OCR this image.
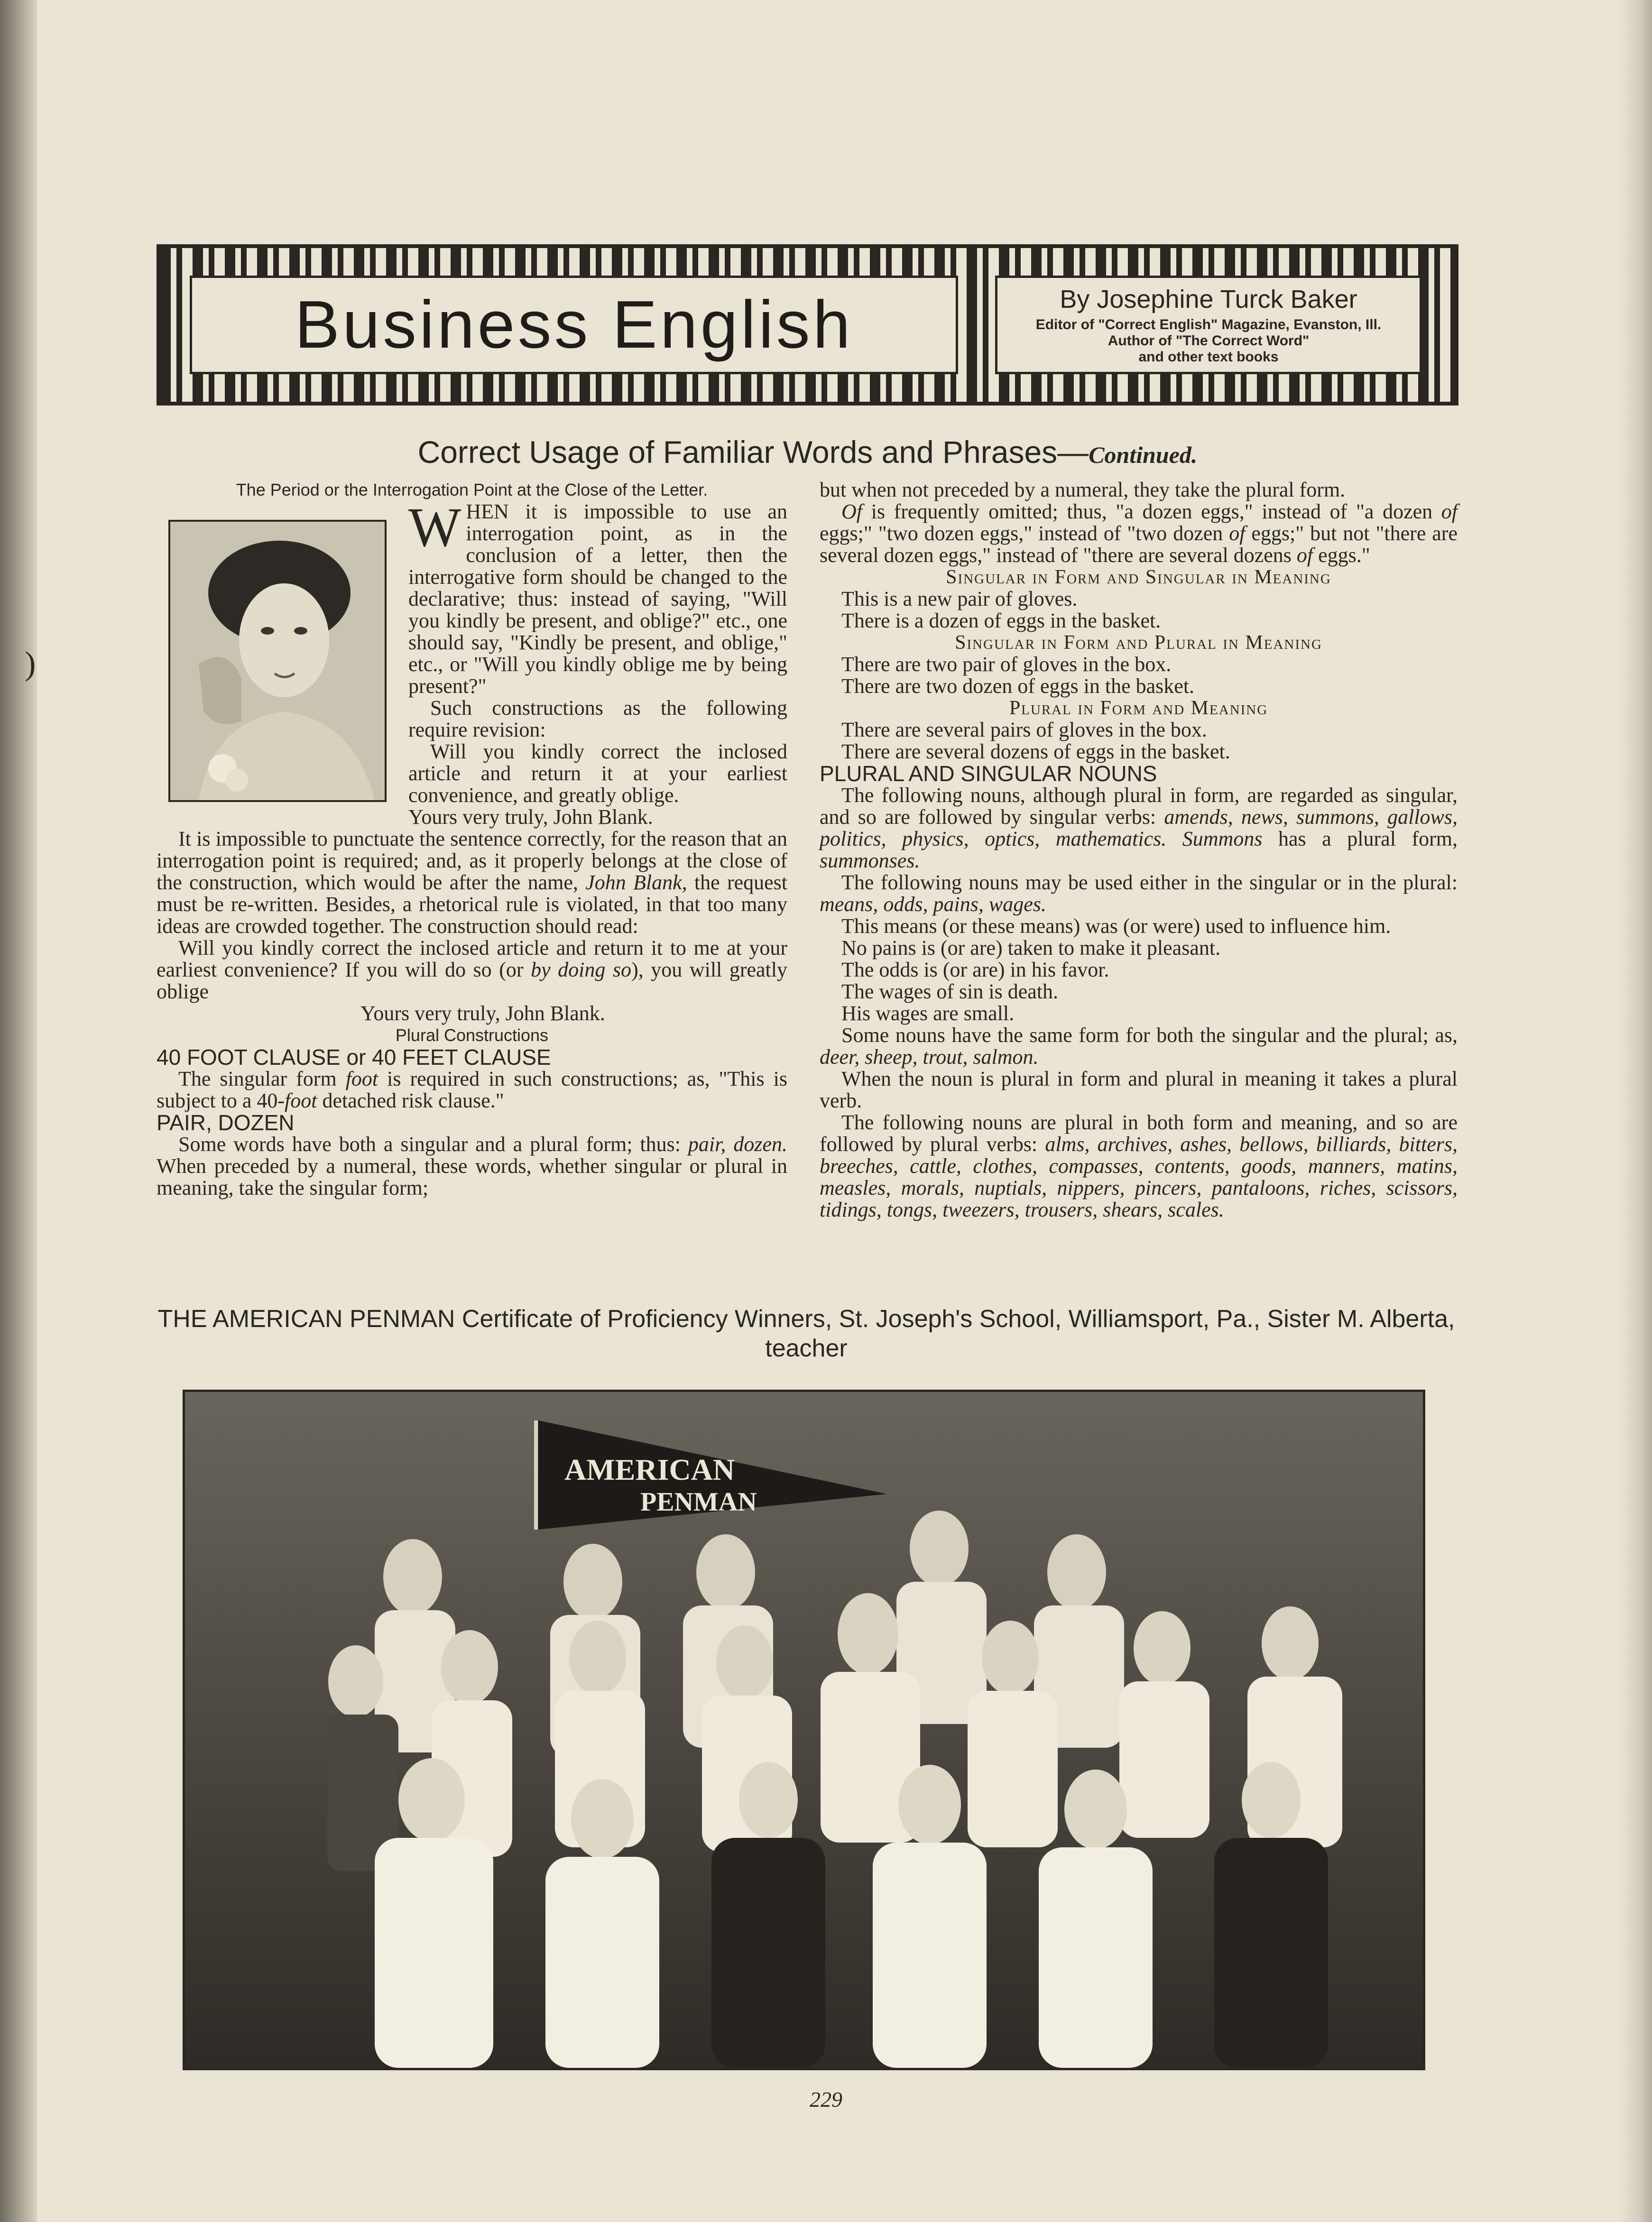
)
Business English	By Josephine Turck Baker
Editor of "Correct English" Magazine, Evanston, Ill.
Author of "The Correct Word"
and other text books
Correct Usage of Familiar Words and Phrases—Continued.

The Period or the Interrogation Point at the Close of the Letter.

WHEN it is impossible to use an interrogation point, as in the conclusion of a letter, then the interrogative form should be changed to the declarative; thus: instead of saying, "Will you kindly be present, and oblige?" etc., one should say, "Kindly be present, and oblige," etc., or "Will you kindly oblige me by being present?"

Such constructions as the following require revision:

Will you kindly correct the inclosed article and return it at your earliest convenience, and greatly oblige.

Yours very truly, John Blank.

It is impossible to punctuate the sentence correctly, for the reason that an interrogation point is required; and, as it properly belongs at the close of the construction, which would be after the name, John Blank, the request must be re-written. Besides, a rhetorical rule is violated, in that too many ideas are crowded together. The construction should read:

Will you kindly correct the inclosed article and return it to me at your earliest convenience? If you will do so (or by doing so), you will greatly oblige

Yours very truly, John Blank.

Plural Constructions

40 FOOT CLAUSE or 40 FEET CLAUSE

The singular form foot is required in such constructions; as, "This is subject to a 40-foot detached risk clause."

PAIR, DOZEN

Some words have both a singular and a plural form; thus: pair, dozen. When preceded by a numeral, these words, whether singular or plural in meaning, take the singular form;

but when not preceded by a numeral, they take the plural form.

Of is frequently omitted; thus, "a dozen eggs," instead of "a dozen of eggs;" "two dozen eggs," instead of "two dozen of eggs;" but not "there are several dozen eggs," instead of "there are several dozens of eggs."

Singular in Form and Singular in Meaning

This is a new pair of gloves.

There is a dozen of eggs in the basket.

Singular in Form and Plural in Meaning

There are two pair of gloves in the box.

There are two dozen of eggs in the basket.

Plural in Form and Meaning

There are several pairs of gloves in the box.

There are several dozens of eggs in the basket.

PLURAL AND SINGULAR NOUNS

The following nouns, although plural in form, are regarded as singular, and so are followed by singular verbs: amends, news, summons, gallows, politics, physics, optics, mathematics. Summons has a plural form, summonses.

The following nouns may be used either in the singular or in the plural: means, odds, pains, wages.

This means (or these means) was (or were) used to influence him.

No pains is (or are) taken to make it pleasant.

The odds is (or are) in his favor.

The wages of sin is death.

His wages are small.

Some nouns have the same form for both the singular and the plural; as, deer, sheep, trout, salmon.

When the noun is plural in form and plural in meaning it takes a plural verb.

The following nouns are plural in both form and meaning, and so are followed by plural verbs: alms, archives, ashes, bellows, billiards, bitters, breeches, cattle, clothes, compasses, contents, goods, manners, matins, measles, morals, nuptials, nippers, pincers, pantaloons, riches, scissors, tidings, tongs, tweezers, trousers, shears, scales.

THE AMERICAN PENMAN Certificate of Proficiency Winners, St. Joseph's School, Williamsport, Pa., Sister M. Alberta, teacher
AMERICAN
PENMAN
229
